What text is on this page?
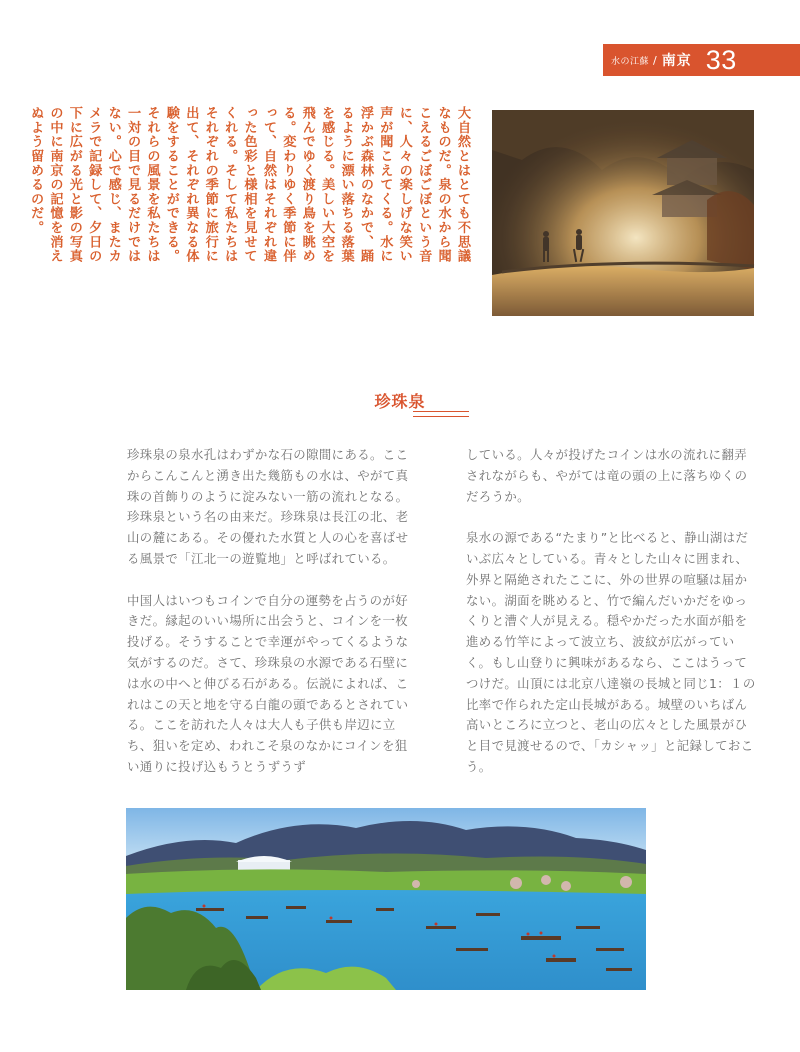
水の江蘇 / 南京 33
大自然とはとても不思議なものだ。泉の水から聞こえるごぼごぼという音に、人々の楽しげな笑い声が聞こえてくる。水に浮かぶ森林のなかで、踊るように漂い落ちる落葉を感じる。美しい大空を飛んでゆく渡り鳥を眺める。変わりゆく季節に伴って、自然はそれぞれ違った色彩と様相を見せてくれる。そして私たちはそれぞれの季節に旅行に出て、それぞれ異なる体験をすることができる。それらの風景を私たちは一対の目で見るだけではない。心で感じ、またカメラで記録して、夕日の下に広がる光と影の写真の中に南京の記憶を消えぬよう留めるのだ。
珍珠泉

珍珠泉の泉水孔はわずかな石の隙間にある。ここからこんこんと湧き出た幾筋もの水は、やがて真珠の首飾りのように淀みない一筋の流れとなる。珍珠泉という名の由来だ。珍珠泉は長江の北、老山の麓にある。その優れた水質と人の心を喜ばせる風景で「江北一の遊覧地」と呼ばれている。

中国人はいつもコインで自分の運勢を占うのが好きだ。縁起のいい場所に出会うと、コインを一枚投げる。そうすることで幸運がやってくるような気がするのだ。さて、珍珠泉の水源である石壁には水の中へと伸びる石がある。伝説によれば、これはこの天と地を守る白龍の頭であるとされている。ここを訪れた人々は大人も子供も岸辺に立ち、狙いを定め、われこそ泉のなかにコインを狙い通りに投げ込もうとうずうず

している。人々が投げたコインは水の流れに翻弄されながらも、やがては竜の頭の上に落ちゆくのだろうか。

泉水の源である“たまり”と比べると、静山湖はだいぶ広々としている。青々とした山々に囲まれ、外界と隔絶されたここに、外の世界の喧騒は届かない。湖面を眺めると、竹で編んだいかだをゆっくりと漕ぐ人が見える。穏やかだった水面が船を進める竹竿によって波立ち、波紋が広がっていく。もし山登りに興味があるなら、ここはうってつけだ。山頂には北京八達嶺の長城と同じ1：１の比率で作られた定山長城がある。城壁のいちばん高いところに立つと、老山の広々とした風景がひと目で見渡せるので、「カシャッ」と記録しておこう。
